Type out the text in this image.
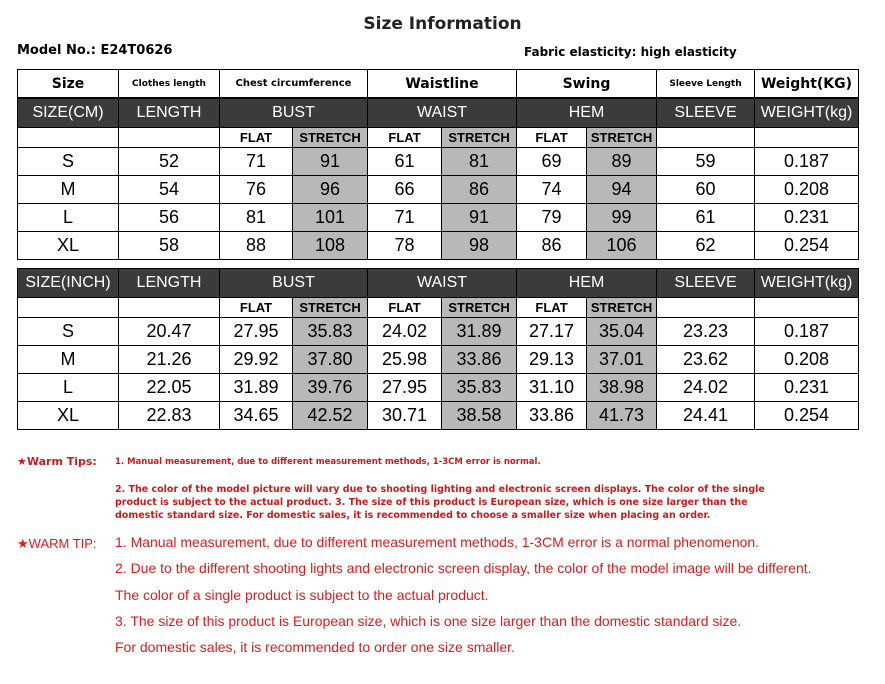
Size Information
Model No.: E24T0626	Fabric elasticity: high elasticity
Size	Clothes length	Chest circumference	Waistline	Swing	Sleeve Length	Weight(KG)
SIZE(CM)	LENGTH	BUST		WAIST		HEM		SLEEVE	WEIGHT(kg)
		FLAT	STRETCH	FLAT	STRETCH	FLAT	STRETCH		
S	52	71	91	61	81	69	89	59	0.187
M	54	76	96	66	86	74	94	60	0.208
L	56	81	101	71	91	79	99	61	0.231
XL	58	88	108	78	98	86	106	62	0.254
SIZE(INCH)	LENGTH	BUST		WAIST		HEM		SLEEVE	WEIGHT(kg)
		FLAT	STRETCH	FLAT	STRETCH	FLAT	STRETCH		
S	20.47	27.95	35.83	24.02	31.89	27.17	35.04	23.23	0.187
M	21.26	29.92	37.80	25.98	33.86	29.13	37.01	23.62	0.208
L	22.05	31.89	39.76	27.95	35.83	31.10	38.98	24.02	0.231
XL	22.83	34.65	42.52	30.71	38.58	33.86	41.73	24.41	0.254
★Warm Tips: 1. Manual measurement, due to different measurement methods, 1-3CM error is normal.
2. The color of the model picture will vary due to shooting lighting and electronic screen displays. The color of the single product is subject to the actual product. 3. The size of this product is European size, which is one size larger than the domestic standard size. For domestic sales, it is recommended to choose a smaller size when placing an order.
★WARM TIP: 1. Manual measurement, due to different measurement methods, 1-3CM error is a normal phenomenon.
2. Due to the different shooting lights and electronic screen display, the color of the model image will be different.
The color of a single product is subject to the actual product.
3. The size of this product is European size, which is one size larger than the domestic standard size.
For domestic sales, it is recommended to order one size smaller.
